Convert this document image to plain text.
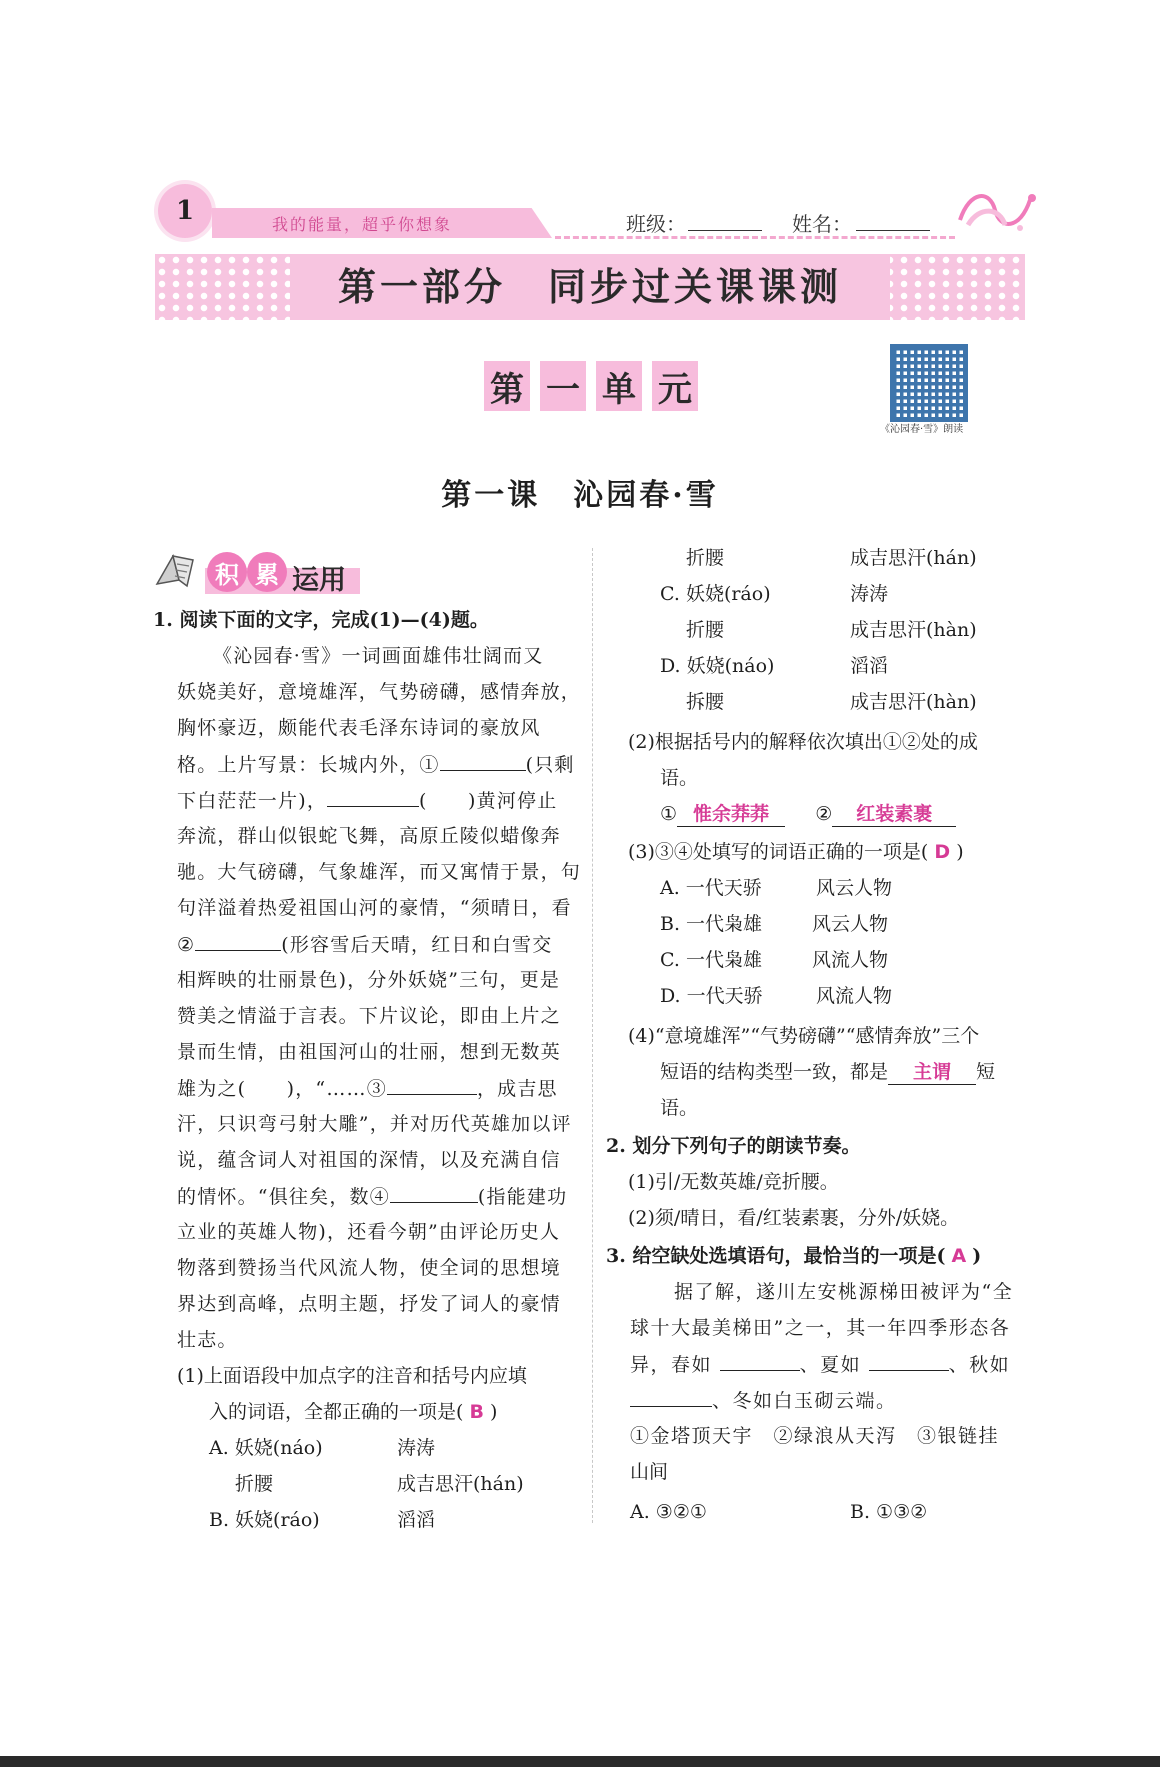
1	我的能量，超乎你想象	班级：	姓名：
第一部分　同步过关课课测
第 一 单 元
《沁园春·雪》朗读
第一课　沁园春·雪
积 累 运用
1. 阅读下面的文字，完成(1)—(4)题。
《沁园春·雪》一词画面雄伟壮阔而又
妖娆美好，意境雄浑，气势磅礴，感情奔放，
胸怀豪迈，颇能代表毛泽东诗词的豪放风
格。上片写景：长城内外，①	(只剩
下白茫茫一片)，	(　　)黄河停止
奔流，群山似银蛇飞舞，高原丘陵似蜡像奔
驰。大气磅礴，气象雄浑，而又寓情于景，句
句洋溢着热爱祖国山河的豪情，“须晴日，看
②	(形容雪后天晴，红日和白雪交
相辉映的壮丽景色)，分外妖娆”三句，更是
赞美之情溢于言表。下片议论，即由上片之
景而生情，由祖国河山的壮丽，想到无数英
雄为之(　　)，“……③	，成吉思
汗，只识弯弓射大雕”，并对历代英雄加以评
说，蕴含词人对祖国的深情，以及充满自信
的情怀。“俱往矣，数④	(指能建功
立业的英雄人物)，还看今朝”由评论历史人
物落到赞扬当代风流人物，使全词的思想境
界达到高峰，点明主题，抒发了词人的豪情
壮志。
(1)上面语段中加点字的注音和括号内应填
入的词语，全都正确的一项是( B )
A. 妖娆(náo)	涛涛
折腰	成吉思汗(hán)
B. 妖娆(ráo)	滔滔
折腰	成吉思汗(hán)
C. 妖娆(ráo)	涛涛
折腰	成吉思汗(hàn)
D. 妖娆(náo)	滔滔
拆腰	成吉思汗(hàn)
(2)根据括号内的解释依次填出①②处的成
语。
① 惟余莽莽 ② 红装素裹
(3)③④处填写的词语正确的一项是( D )
A. 一代天骄	风云人物
B. 一代枭雄	风云人物
C. 一代枭雄	风流人物
D. 一代天骄	风流人物
(4)“意境雄浑”“气势磅礴”“感情奔放”三个
短语的结构类型一致，都是 主谓 短
语。
2. 划分下列句子的朗读节奏。
(1)引/无数英雄/竞折腰。
(2)须/晴日，看/红装素裹，分外/妖娆。
3. 给空缺处选填语句，最恰当的一项是( A )
据了解，遂川左安桃源梯田被评为“全
球十大最美梯田”之一，其一年四季形态各
异，春如	、夏如	、秋如
、冬如白玉砌云端。
①金塔顶天宇　②绿浪从天泻　③银链挂
山间
A. ③②①	B. ①③②
